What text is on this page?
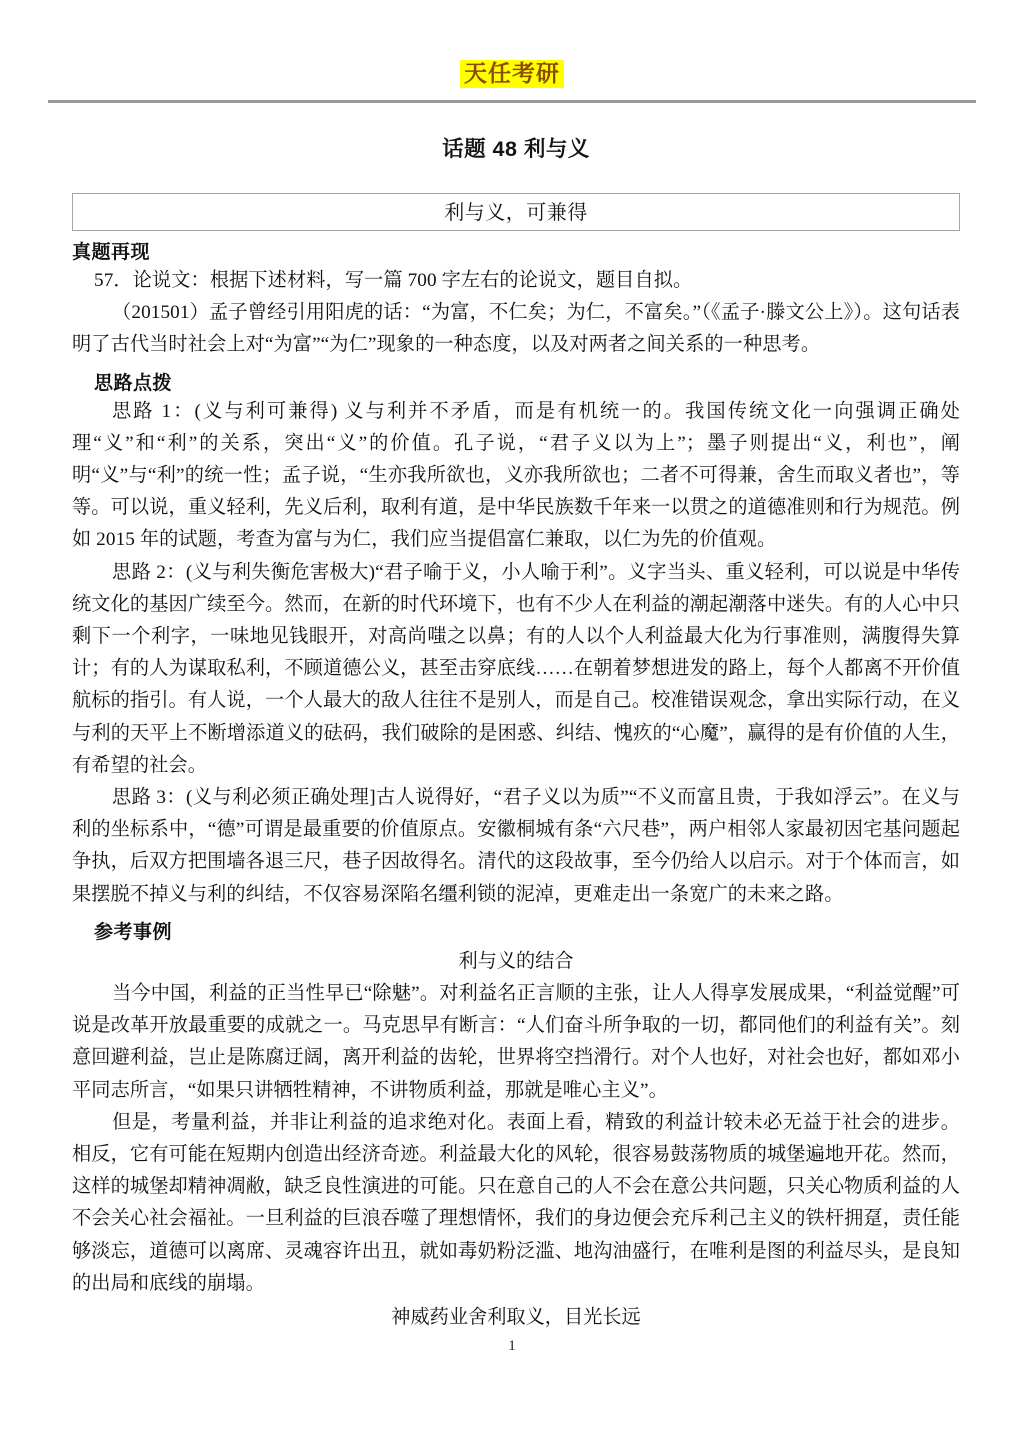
天任考研
话题 48 利与义
利与义，可兼得
真题再现

57．论说文：根据下述材料，写一篇 700 字左右的论说文，题目自拟。

（201501）孟子曾经引用阳虎的话：“为富，不仁矣；为仁，不富矣。”（《孟子·滕文公上》）。这句话表明了古代当时社会上对“为富”“为仁”现象的一种态度，以及对两者之间关系的一种思考。

思路点拨

思路 1：(义与利可兼得) 义与利并不矛盾，而是有机统一的。我国传统文化一向强调正确处理“义”和“利”的关系，突出“义”的价值。孔子说，“君子义以为上”；墨子则提出“义，利也”，阐明“义”与“利”的统一性；孟子说，“生亦我所欲也，义亦我所欲也；二者不可得兼，舍生而取义者也”，等等。可以说，重义轻利，先义后利，取利有道，是中华民族数千年来一以贯之的道德准则和行为规范。例如 2015 年的试题，考查为富与为仁，我们应当提倡富仁兼取，以仁为先的价值观。

思路 2：(义与利失衡危害极大)“君子喻于义，小人喻于利”。义字当头、重义轻利，可以说是中华传统文化的基因广续至今。然而，在新的时代环境下，也有不少人在利益的潮起潮落中迷失。有的人心中只剩下一个利字，一味地见钱眼开，对高尚嗤之以鼻；有的人以个人利益最大化为行事准则，满腹得失算计；有的人为谋取私利，不顾道德公义，甚至击穿底线……在朝着梦想进发的路上，每个人都离不开价值航标的指引。有人说，一个人最大的敌人往往不是别人，而是自己。校准错误观念，拿出实际行动，在义与利的天平上不断增添道义的砝码，我们破除的是困惑、纠结、愧疚的“心魔”，赢得的是有价值的人生，有希望的社会。

思路 3：(义与利必须正确处理]古人说得好，“君子义以为质”“不义而富且贵，于我如浮云”。在义与利的坐标系中，“德”可谓是最重要的价值原点。安徽桐城有条“六尺巷”，两户相邻人家最初因宅基问题起争执，后双方把围墙各退三尺，巷子因故得名。清代的这段故事，至今仍给人以启示。对于个体而言，如果摆脱不掉义与利的纠结，不仅容易深陷名缰利锁的泥淖，更难走出一条宽广的未来之路。

参考事例
利与义的结合

当今中国，利益的正当性早已“除魅”。对利益名正言顺的主张，让人人得享发展成果，“利益觉醒”可说是改革开放最重要的成就之一。马克思早有断言：“人们奋斗所争取的一切，都同他们的利益有关”。刻意回避利益，岂止是陈腐迂阔，离开利益的齿轮，世界将空挡滑行。对个人也好，对社会也好，都如邓小平同志所言，“如果只讲牺牲精神，不讲物质利益，那就是唯心主义”。

但是，考量利益，并非让利益的追求绝对化。表面上看，精致的利益计较未必无益于社会的进步。相反，它有可能在短期内创造出经济奇迹。利益最大化的风轮，很容易鼓荡物质的城堡遍地开花。然而，这样的城堡却精神凋敝，缺乏良性演进的可能。只在意自己的人不会在意公共问题，只关心物质利益的人不会关心社会福祉。一旦利益的巨浪吞噬了理想情怀，我们的身边便会充斥利己主义的铁杆拥趸，责任能够淡忘，道德可以离席、灵魂容许出丑，就如毒奶粉泛滥、地沟油盛行，在唯利是图的利益尽头，是良知的出局和底线的崩塌。

神威药业舍利取义，目光长远
1
